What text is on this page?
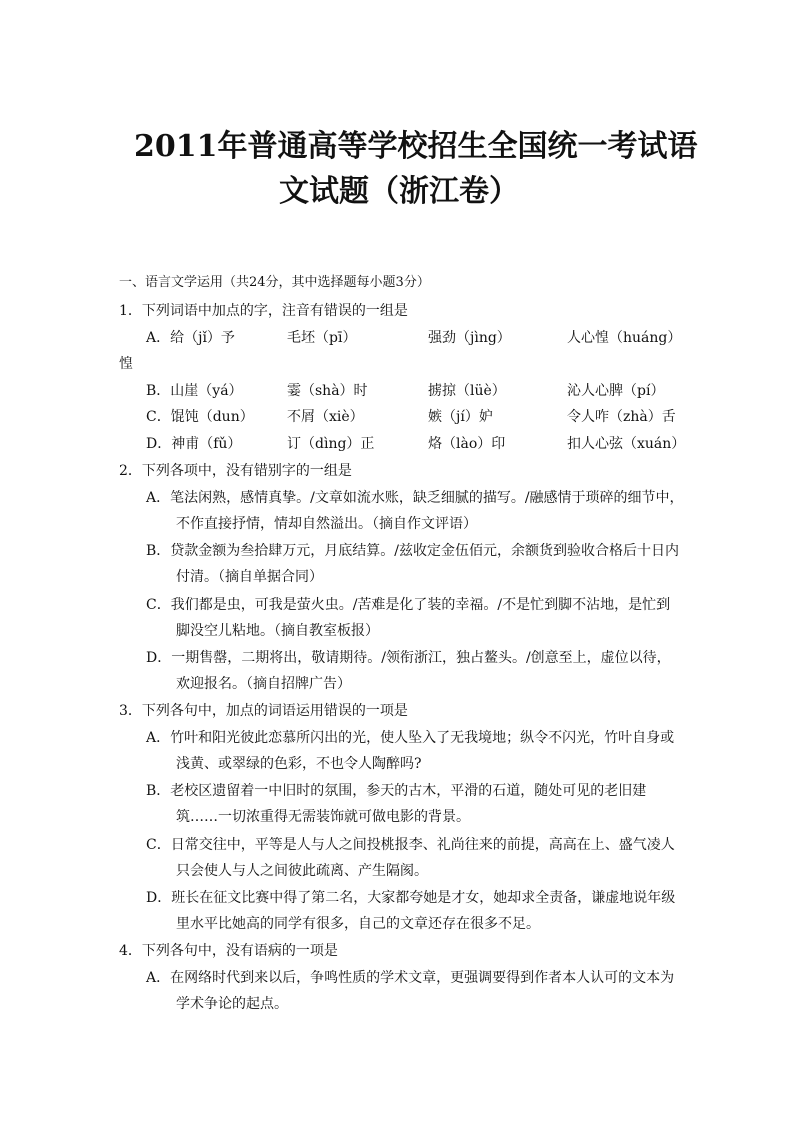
2011年普通高等学校招生全国统一考试语
文试题（浙江卷）
一、语言文学运用（共24分，其中选择题每小题3分）
1．下列词语中加点的字，注音有错误的一组是
A．给（jǐ）予	毛坯（pī）	强劲（jìng）	人心惶（huáng）
惶
B．山崖（yá）	霎（shà）时	掳掠（lüè）	沁人心脾（pí）
C．馄饨（dun） 不屑（xiè）	嫉（jí）妒	令人咋（zhà）舌
D．神甫（fǔ）	订（dìng）正	烙（lào）印	扣人心弦（xuán）
2．下列各项中，没有错别字的一组是
A．笔法闲熟，感情真挚。/文章如流水账，缺乏细腻的描写。/融感情于琐碎的细节中，
不作直接抒情，情却自然溢出。（摘自作文评语）
B．贷款金额为叁拾肆万元，月底结算。/兹收定金伍佰元，余额货到验收合格后十日内
付清。（摘自单据合同）
C．我们都是虫，可我是萤火虫。/苦难是化了装的幸福。/不是忙到脚不沾地，是忙到
脚没空儿粘地。（摘自教室板报）
D．一期售罄，二期将出，敬请期待。/领衔浙江，独占鳌头。/创意至上，虚位以待，
欢迎报名。（摘自招牌广告）
3．下列各句中，加点的词语运用错误的一项是
A．竹叶和阳光彼此恋慕所闪出的光，使人坠入了无我境地；纵令不闪光，竹叶自身或
浅黄、或翠绿的色彩，不也令人陶醉吗?
B．老校区遗留着一中旧时的氛围，参天的古木，平滑的石道，随处可见的老旧建
筑……一切浓重得无需装饰就可做电影的背景。
C．日常交往中，平等是人与人之间投桃报李、礼尚往来的前提，高高在上、盛气凌人
只会使人与人之间彼此疏离、产生隔阂。
D．班长在征文比赛中得了第二名，大家都夸她是才女，她却求全责备，谦虚地说年级
里水平比她高的同学有很多，自己的文章还存在很多不足。
4．下列各句中，没有语病的一项是
A．在网络时代到来以后，争鸣性质的学术文章，更强调要得到作者本人认可的文本为
学术争论的起点。
